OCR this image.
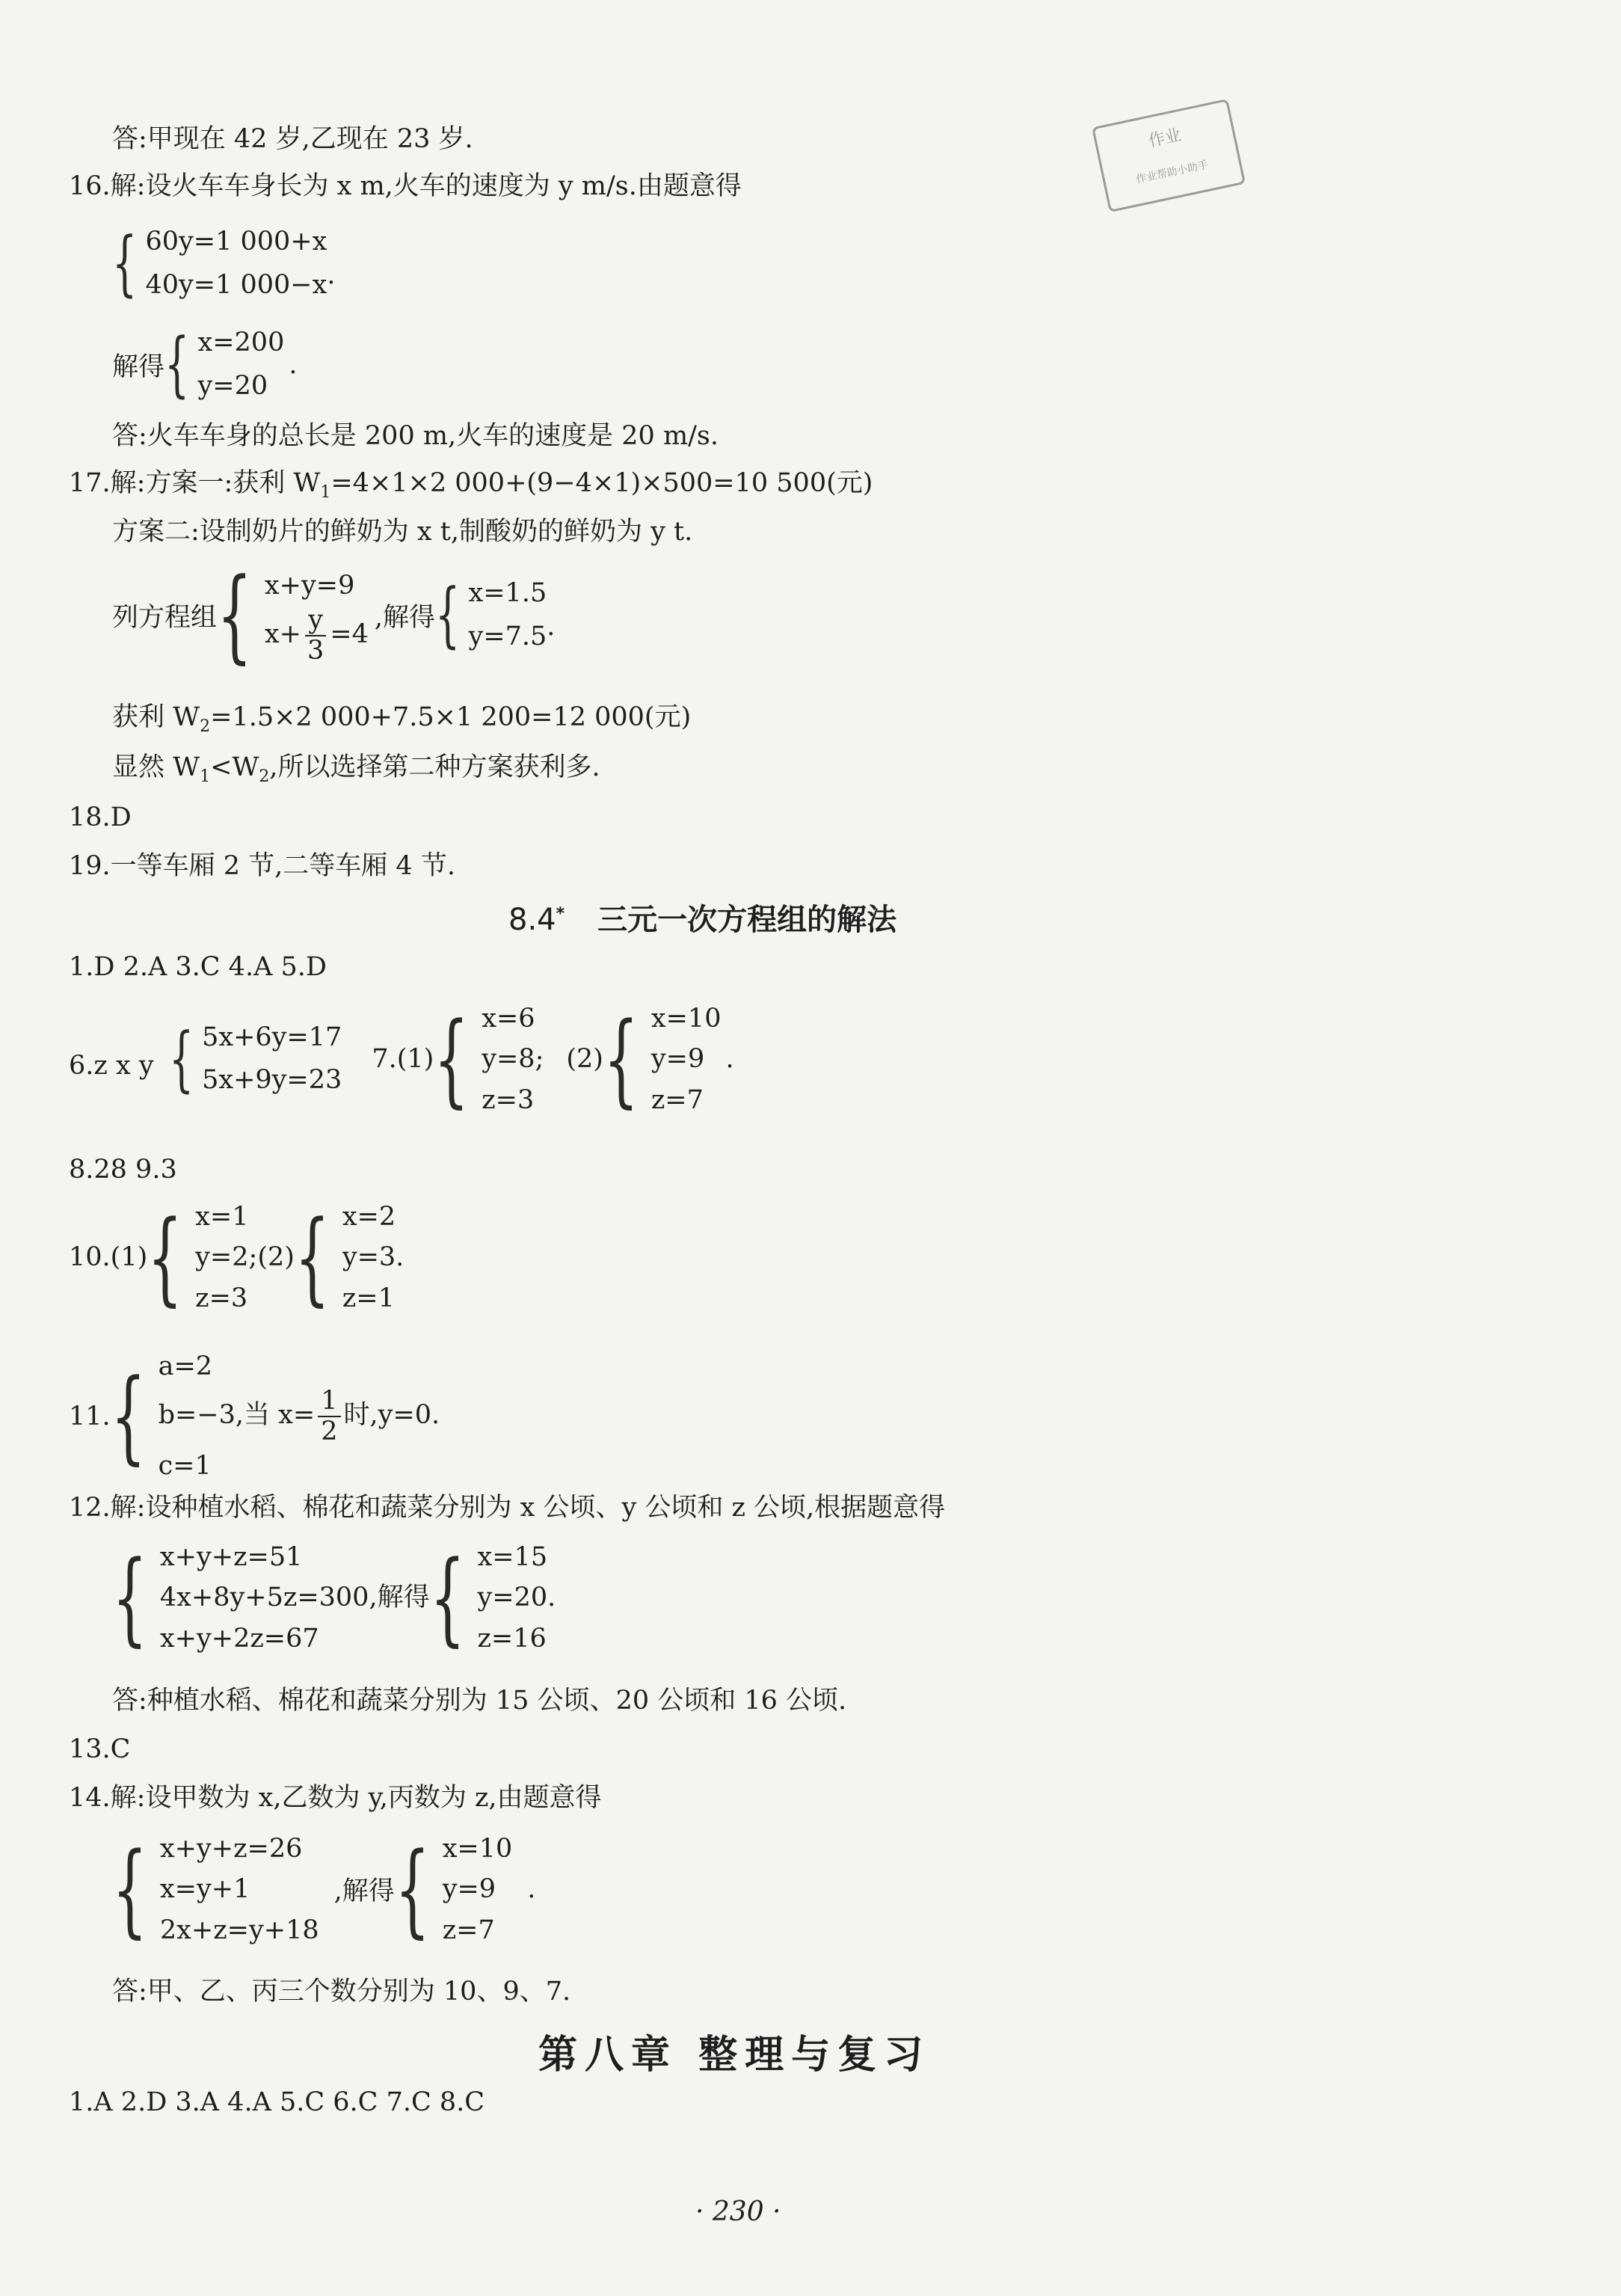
作业
作业帮助小助手
答:甲现在 42 岁,乙现在 23 岁.
16.解:设火车车身长为 x m,火车的速度为 y m/s.由题意得
{ 60y=1 000+x
40y=1 000−x .
解得 { x=200
y=20
.
答:火车车身的总长是 200 m,火车的速度是 20 m/s.
17.解:方案一:获利 $W_1=4\times 1\times 2$ 000+(9−4×1)×500=10 500(元)
方案二:设制奶片的鲜奶为 x t,制酸奶的鲜奶为 y t.
列方程组 { x+y=9
$x+ \frac{y}{3} =4$
,解得 { x=1.5
y=7.5 .
获利 $W_2=1.5\times 2$ 000+7.5×1 200=12 000(元)
显然 $W_1<W_2$,所以选择第二种方案获利多.
18.D
19.一等车厢 2 节,二等车厢 4 节.
8.4* 三元一次方程组的解法
1.D 2.A 3.C 4.A 5.D
6.z x y { 5x+6y=17
5x+9y=23
7.(1) { x=6
y=8;
z=3
(2) { x=10
y=9
z=7
.
8.28 9.3
10.(1) { x=1
y=2;
z=3
(2) { x=2
y=3.
z=1
11. { a=2
b=−3,当 $x= \frac{1}{2}$ 时,y=0.
c=1
12.解:设种植水稻、棉花和蔬菜分别为 x 公顷、y 公顷和 z 公顷,根据题意得
{ x+y+z=51
4x+8y+5z=300,解得
x+y+2z=67	{ x=15
y=20.
z=16
答:种植水稻、棉花和蔬菜分别为 15 公顷、20 公顷和 16 公顷.
13.C
14.解:设甲数为 x,乙数为 y,丙数为 z,由题意得
{ x+y+z=26
x=y+1
2x+z=y+18
,解得 { x=10
y=9
z=7
.
答:甲、乙、丙三个数分别为 10、9、7.
第八章 整理与复习
1.A 2.D 3.A 4.A 5.C 6.C 7.C 8.C
· 230 ·
